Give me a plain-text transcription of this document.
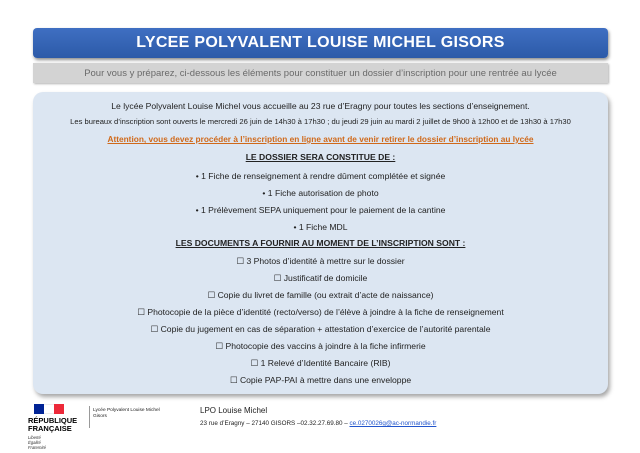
LYCEE POLYVALENT LOUISE MICHEL GISORS
Pour vous y préparez, ci-dessous les éléments pour constituer un dossier d’inscription pour une rentrée au lycée
Le lycée Polyvalent Louise Michel vous accueille au 23 rue d’Eragny pour toutes les sections d’enseignement.
Les bureaux d’inscription sont ouverts le mercredi 26 juin de 14h30 à 17h30 ; du jeudi 29 juin au mardi 2 juillet de 9h00 à 12h00 et de 13h30 à 17h30
Attention, vous devez procéder à l’inscription en ligne avant de venir retirer le dossier d’inscription au lycée
LE DOSSIER SERA CONSTITUE DE :
• 1 Fiche de renseignement à rendre dûment complétée et signée
• 1 Fiche autorisation de photo
• 1 Prélèvement SEPA uniquement pour le paiement de la cantine
• 1 Fiche MDL
LES DOCUMENTS A FOURNIR AU MOMENT DE L’INSCRIPTION SONT :
☐ 3 Photos d’identité à mettre sur le dossier
☐ Justificatif de domicile
☐ Copie du livret de famille (ou extrait d’acte de naissance)
☐ Photocopie de la pièce d’identité (recto/verso) de l’élève à joindre à la fiche de renseignement
☐ Copie du jugement en cas de séparation + attestation d’exercice de l’autorité parentale
☐ Photocopie des vaccins à joindre à la fiche infirmerie
☐ 1 Relevé d’Identité Bancaire (RIB)
☐ Copie PAP-PAI à mettre dans une enveloppe
RÉPUBLIQUE
FRANÇAISE
Liberté
Égalité
Fraternité
Lycée Polyvalent Louise Michel
Gisors
LPO Louise Michel
23 rue d’Eragny – 27140 GISORS –02.32.27.69.80 – ce.0270026g@ac-normandie.fr
